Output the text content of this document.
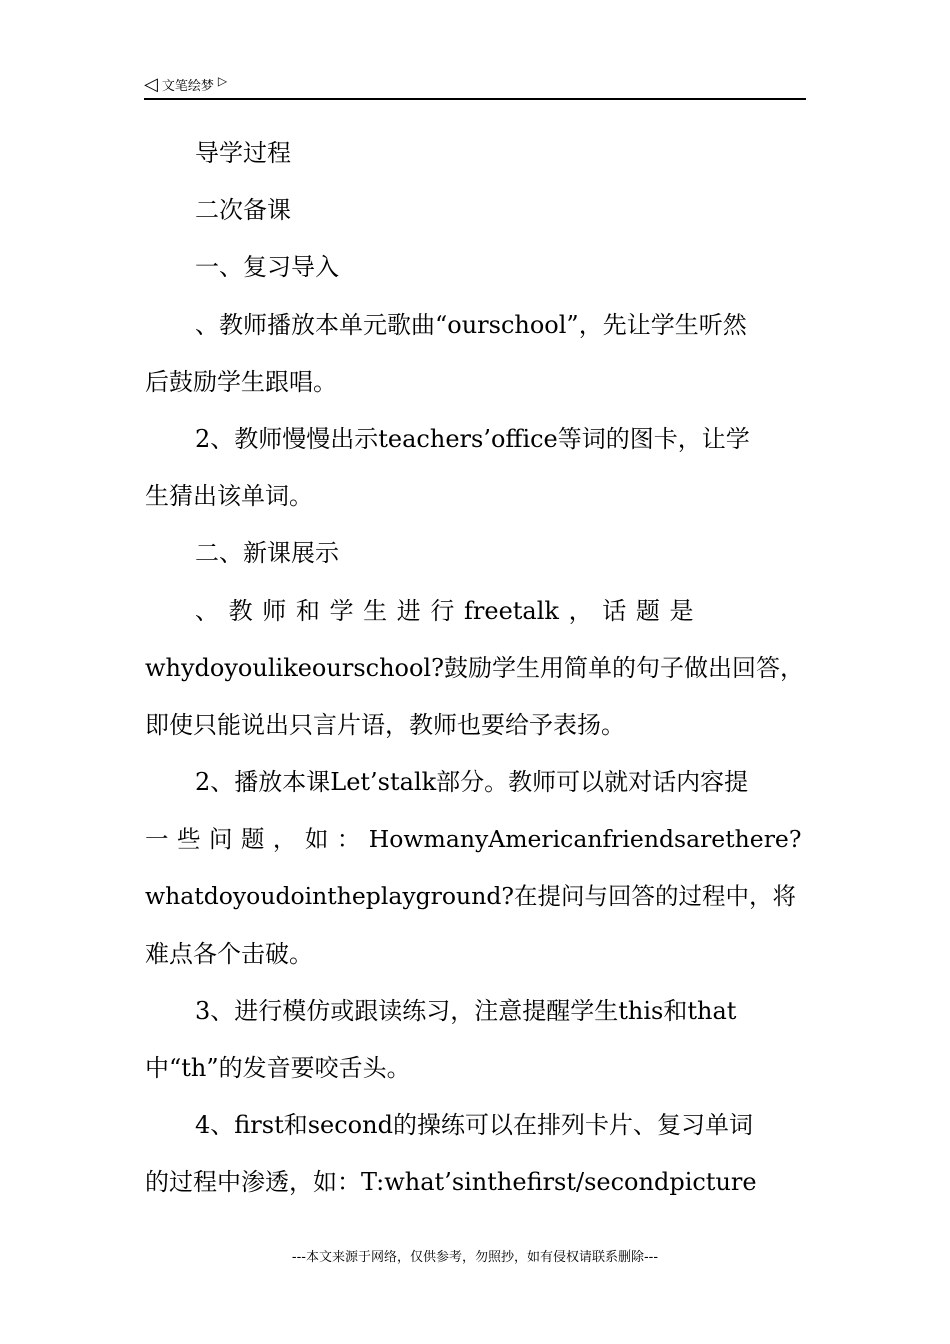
◁ 文笔绘梦 ▷
导学过程
二次备课
一、复习导入
、教师播放本单元歌曲“ourschool”，先让学生听然
后鼓励学生跟唱。
2、教师慢慢出示teachers’office等词的图卡，让学
生猜出该单词。
二、新课展示
、 教 师 和 学 生 进 行 freetalk ， 话 题 是
whydoyoulikeourschool?鼓励学生用简单的句子做出回答，
即使只能说出只言片语，教师也要给予表扬。
2、播放本课Let’stalk部分。教师可以就对话内容提
一 些 问 题 ， 如 ： HowmanyAmericanfriendsarethere?
whatdoyoudointheplayground?在提问与回答的过程中，将
难点各个击破。
3、进行模仿或跟读练习，注意提醒学生this和that
中“th”的发音要咬舌头。
4、first和second的操练可以在排列卡片、复习单词
的过程中渗透，如：T:what’sinthefirst/secondpicture
---本文来源于网络，仅供参考，勿照抄，如有侵权请联系删除---
